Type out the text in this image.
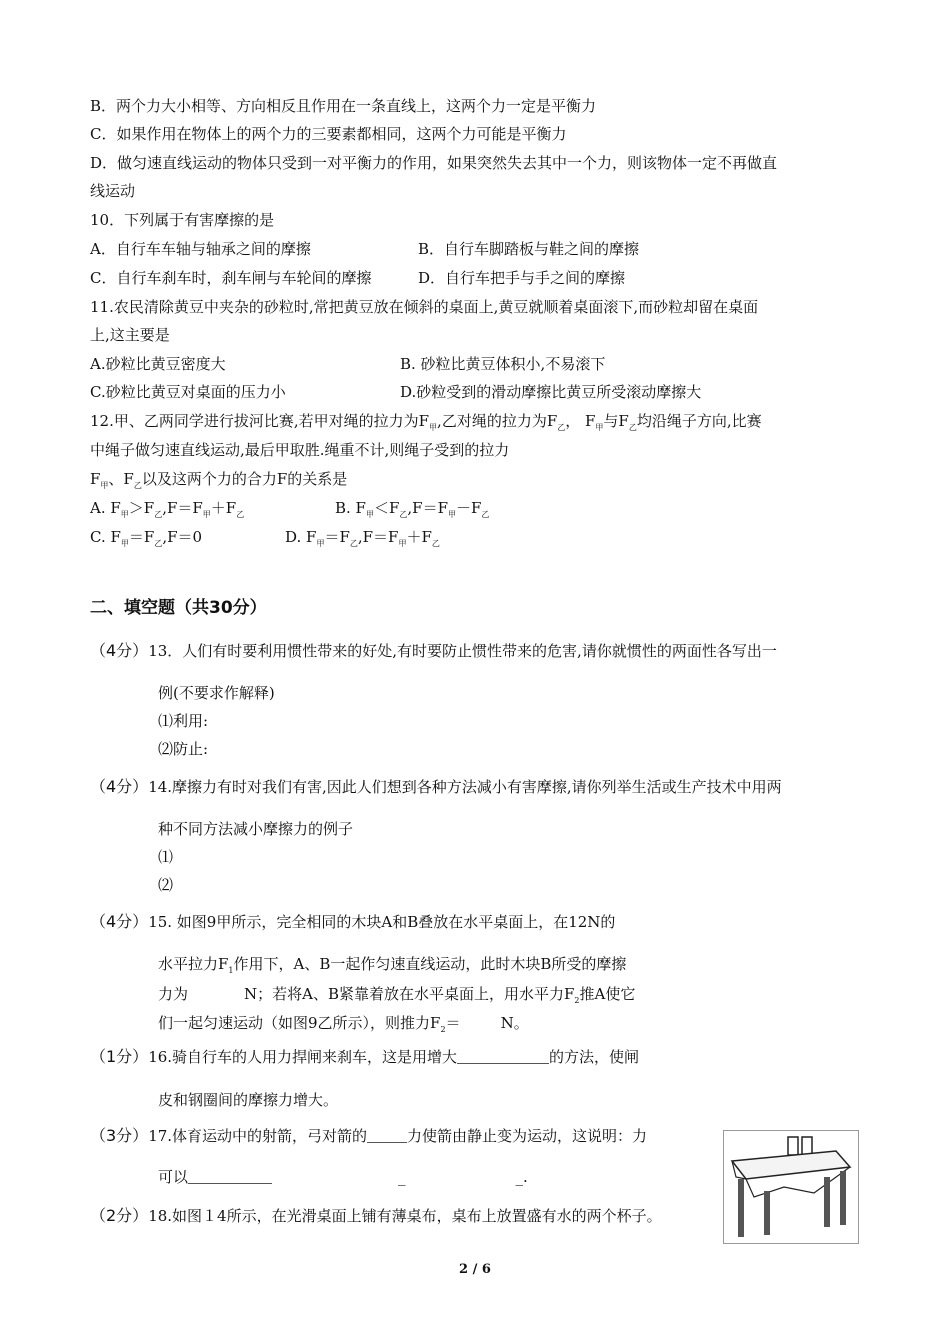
B．两个力大小相等、方向相反且作用在一条直线上，这两个力一定是平衡力
C．如果作用在物体上的两个力的三要素都相同，这两个力可能是平衡力
D．做匀速直线运动的物体只受到一对平衡力的作用，如果突然失去其中一个力，则该物体一定不再做直
线运动
10．下列属于有害摩擦的是
A．自行车车轴与轴承之间的摩擦	B．自行车脚踏板与鞋之间的摩擦
C．自行车刹车时，刹车闸与车轮间的摩擦	D．自行车把手与手之间的摩擦
11.农民清除黄豆中夹杂的砂粒时,常把黄豆放在倾斜的桌面上,黄豆就顺着桌面滚下,而砂粒却留在桌面
上,这主要是
A.砂粒比黄豆密度大	B. 砂粒比黄豆体积小,不易滚下
C.砂粒比黄豆对桌面的压力小	D.砂粒受到的滑动摩擦比黄豆所受滚动摩擦大
12.甲、乙两同学进行拔河比赛,若甲对绳的拉力为$F_甲$,乙对绳的拉力为$F_乙$， $F_甲$与$F_乙$均沿绳子方向,比赛
中绳子做匀速直线运动,最后甲取胜.绳重不计,则绳子受到的拉力
$F_甲$、$F_乙$以及这两个力的合力F的关系是
A. $F_甲>F_乙,F=F_甲+F_乙$	B. $F_甲<F_乙,F=F_甲-F_乙$
C. $F_甲=F_乙,F=0$	D. $F_甲=F_乙,F=F_甲+F_乙$
二、填空题（共30分）
（4分）13．人们有时要利用惯性带来的好处,有时要防止惯性带来的危害,请你就惯性的两面性各写出一
例(不要求作解释)
⑴利用:
⑵防止:
（4分）14.摩擦力有时对我们有害,因此人们想到各种方法减小有害摩擦,请你列举生活或生产技术中用两
种不同方法减小摩擦力的例子
⑴
⑵
（4分）15. 如图9甲所示，完全相同的木块A和B叠放在水平桌面上，在12N的
水平拉力$F_1$作用下，A、B一起作匀速直线运动，此时木块B所受的摩擦
力为	N；若将A、B紧靠着放在水平桌面上，用水平力$F_2$推A使它
们一起匀速运动（如图9乙所示），则推力$F_2=$	N。
（1分）16.骑自行车的人用力捍闸来刹车，这是用增大	的方法，使闸
皮和钢圈间的摩擦力增大。
（3分）17.体育运动中的射箭，弓对箭的	力使箭由静止变为运动，这说明：力
可以	_	_.
（2分）18.如图１4所示，在光滑桌面上铺有薄桌布，桌布上放置盛有水的两个杯子。
2 / 6
